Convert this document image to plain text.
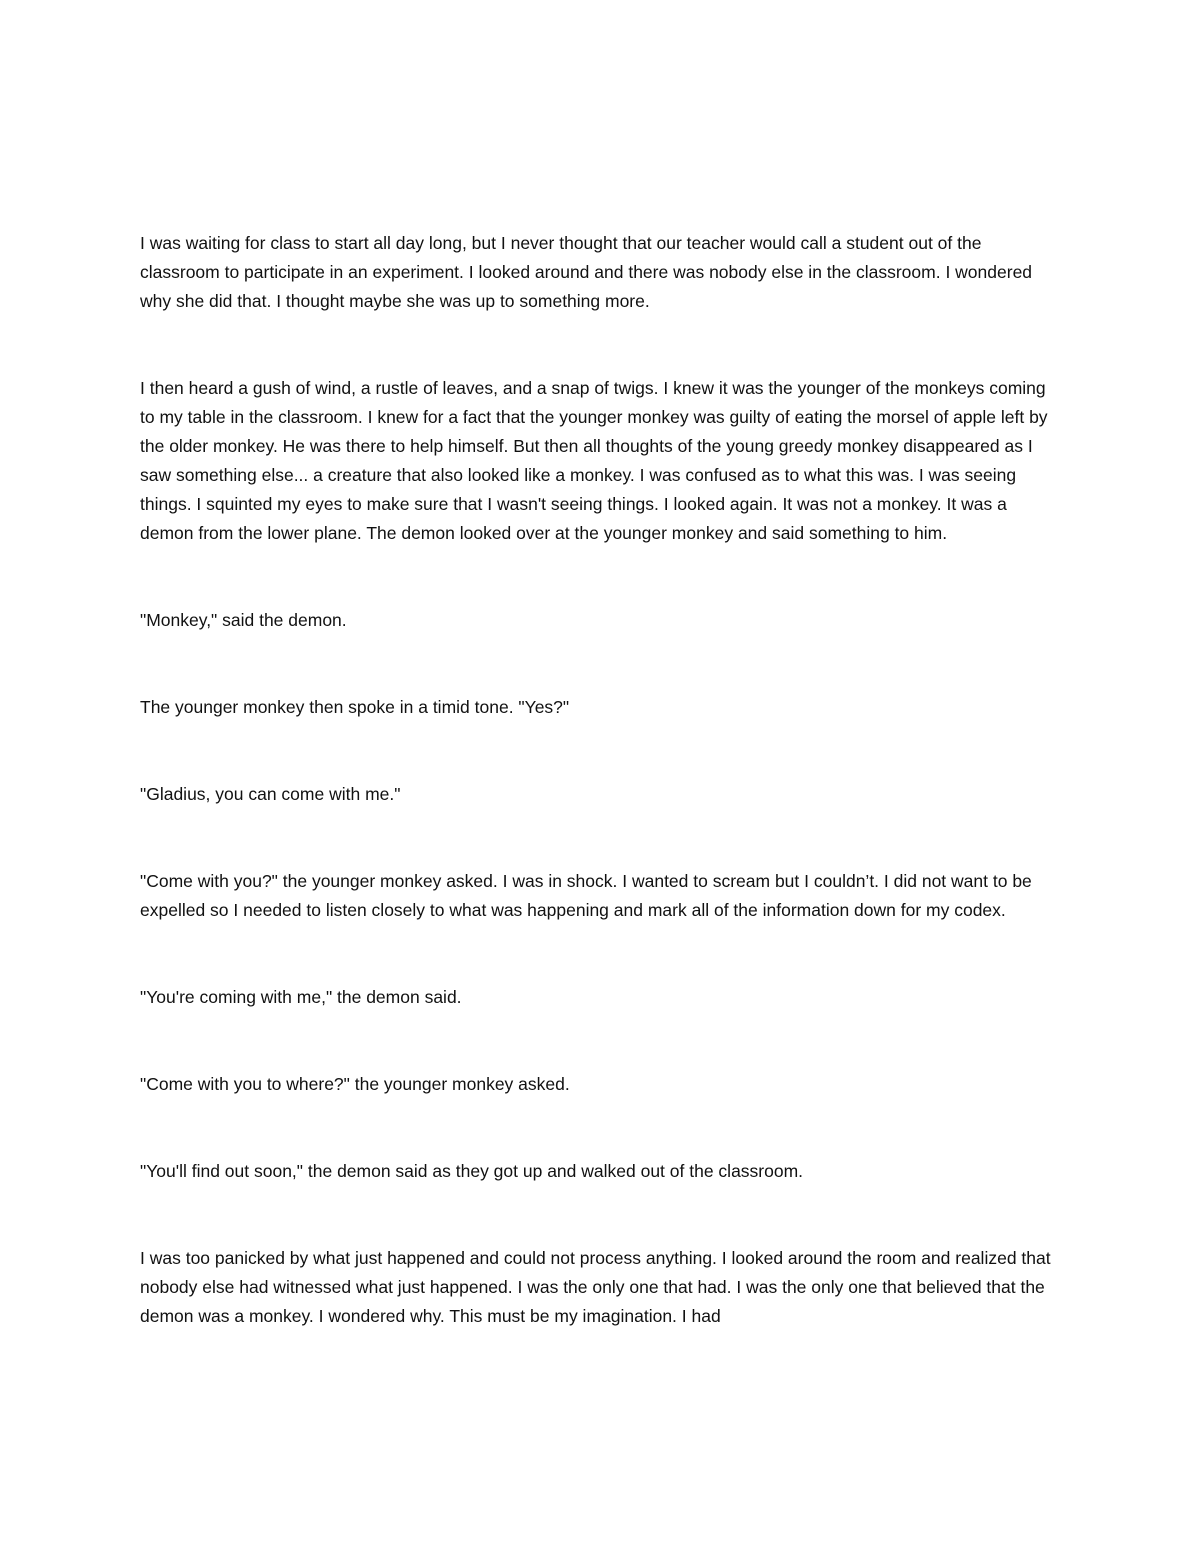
I was waiting for class to start all day long, but I never thought that our teacher would call a student out of the classroom to participate in an experiment. I looked around and there was nobody else in the classroom. I wondered why she did that. I thought maybe she was up to something more.

I then heard a gush of wind, a rustle of leaves, and a snap of twigs. I knew it was the younger of the monkeys coming to my table in the classroom. I knew for a fact that the younger monkey was guilty of eating the morsel of apple left by the older monkey. He was there to help himself. But then all thoughts of the young greedy monkey disappeared as I saw something else... a creature that also looked like a monkey. I was confused as to what this was. I was seeing things. I squinted my eyes to make sure that I wasn't seeing things. I looked again. It was not a monkey. It was a demon from the lower plane. The demon looked over at the younger monkey and said something to him.

"Monkey," said the demon.

The younger monkey then spoke in a timid tone. "Yes?"

"Gladius, you can come with me."

"Come with you?" the younger monkey asked. I was in shock. I wanted to scream but I couldn’t. I did not want to be expelled so I needed to listen closely to what was happening and mark all of the information down for my codex.

"You're coming with me," the demon said.

"Come with you to where?" the younger monkey asked.

"You'll find out soon," the demon said as they got up and walked out of the classroom.

I was too panicked by what just happened and could not process anything. I looked around the room and realized that nobody else had witnessed what just happened. I was the only one that had. I was the only one that believed that the demon was a monkey. I wondered why. This must be my imagination. I had
